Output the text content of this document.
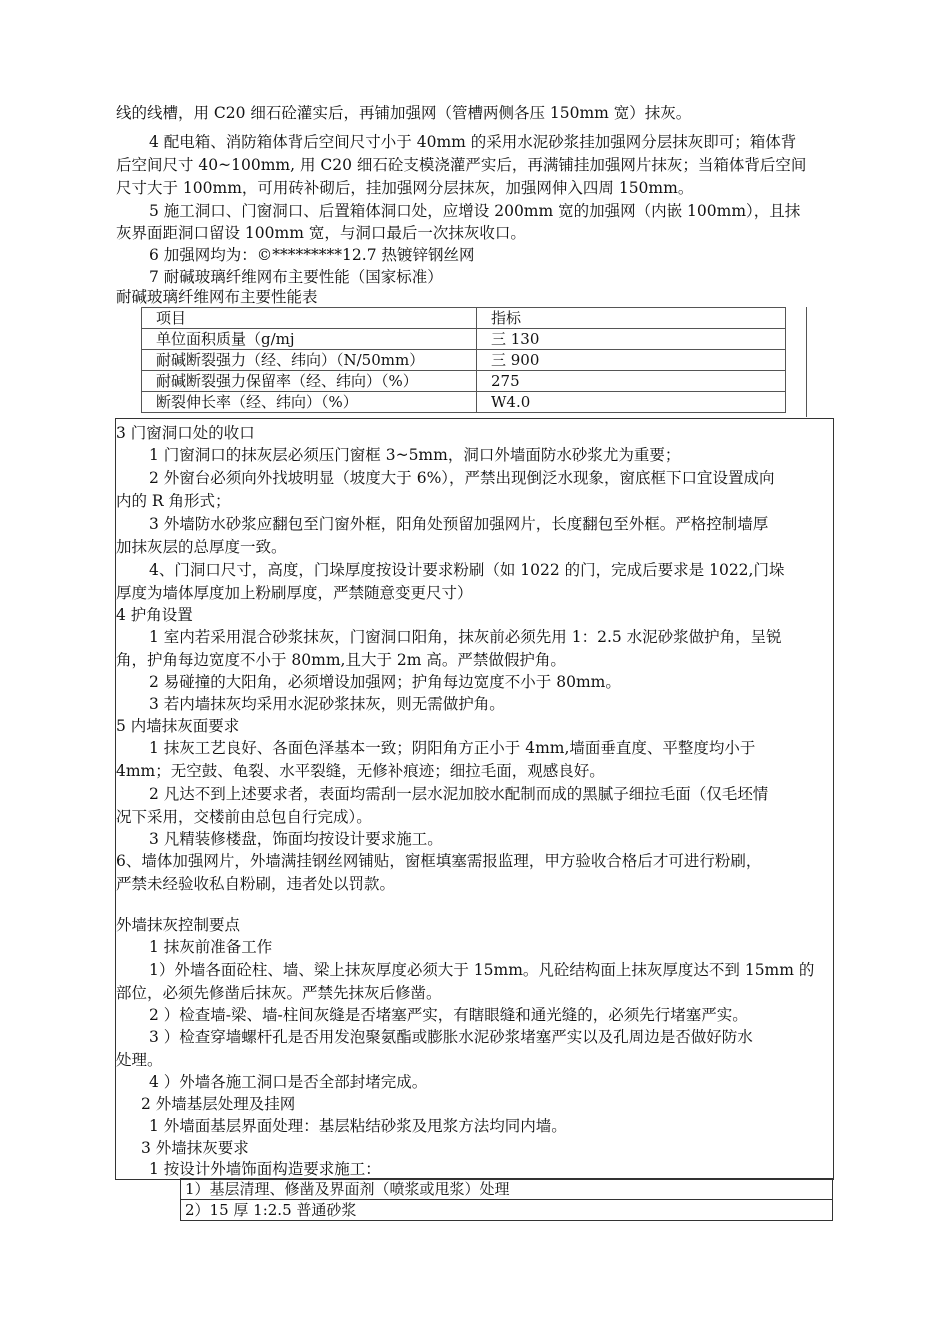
线的线槽，用 C20 细石砼灌实后，再铺加强网（管槽两侧各压 150mm 宽）抹灰。
4 配电箱、消防箱体背后空间尺寸小于 40mm 的采用水泥砂浆挂加强网分层抹灰即可；箱体背
后空间尺寸 40~100mm, 用 C20 细石砼支模浇灌严实后，再满铺挂加强网片抹灰；当箱体背后空间
尺寸大于 100mm，可用砖补砌后，挂加强网分层抹灰，加强网伸入四周 150mm。
5 施工洞口、门窗洞口、后置箱体洞口处，应增设 200mm 宽的加强网（内嵌 100mm），且抹
灰界面距洞口留设 100mm 宽，与洞口最后一次抹灰收口。
6 加强网均为：©*********12.7 热镀锌钢丝网
7 耐碱玻璃纤维网布主要性能（国家标准）
耐碱玻璃纤维网布主要性能表
项目	指标
单位面积质量（g/mj	三 130
耐碱断裂强力（经、纬向）（N/50mm）	三 900
耐碱断裂强力保留率（经、纬向）（%）	275
断裂伸长率（经、纬向）（%）	W4.0
3 门窗洞口处的收口
1 门窗洞口的抹灰层必须压门窗框 3~5mm，洞口外墙面防水砂浆尤为重要；
2 外窗台必须向外找坡明显（坡度大于 6%），严禁出现倒泛水现象，窗底框下口宜设置成向
内的 R 角形式；
3 外墙防水砂浆应翻包至门窗外框，阳角处预留加强网片，长度翻包至外框。严格控制墙厚
加抹灰层的总厚度一致。
4、门洞口尺寸，高度，门垛厚度按设计要求粉刷（如 1022 的门，完成后要求是 1022,门垛
厚度为墙体厚度加上粉刷厚度，严禁随意变更尺寸）
4 护角设置
1 室内若采用混合砂浆抹灰，门窗洞口阳角，抹灰前必须先用 1：2.5 水泥砂浆做护角，呈锐
角，护角每边宽度不小于 80mm,且大于 2m 高。严禁做假护角。
2 易碰撞的大阳角，必须增设加强网；护角每边宽度不小于 80mm。
3 若内墙抹灰均采用水泥砂浆抹灰，则无需做护角。
5 内墙抹灰面要求
1 抹灰工艺良好、各面色泽基本一致；阴阳角方正小于 4mm,墙面垂直度、平整度均小于
4mm；无空鼓、龟裂、水平裂缝，无修补痕迹；细拉毛面，观感良好。
2 凡达不到上述要求者，表面均需刮一层水泥加胶水配制而成的黑腻子细拉毛面（仅毛坯情
况下采用，交楼前由总包自行完成）。
3 凡精装修楼盘，饰面均按设计要求施工。
6、墙体加强网片，外墙满挂钢丝网铺贴，窗框填塞需报监理，甲方验收合格后才可进行粉刷，
严禁未经验收私自粉刷，违者处以罚款。
外墙抹灰控制要点
1 抹灰前准备工作
1）外墙各面砼柱、墙、梁上抹灰厚度必须大于 15mm。凡砼结构面上抹灰厚度达不到 15mm 的
部位，必须先修凿后抹灰。严禁先抹灰后修凿。
2 ）检查墙-梁、墙-柱间灰缝是否堵塞严实，有瞎眼缝和通光缝的，必须先行堵塞严实。
3 ）检查穿墙螺杆孔是否用发泡聚氨酯或膨胀水泥砂浆堵塞严实以及孔周边是否做好防水
处理。
4 ）外墙各施工洞口是否全部封堵完成。
2 外墙基层处理及挂网
1 外墙面基层界面处理：基层粘结砂浆及甩浆方法均同内墙。
3 外墙抹灰要求
1 按设计外墙饰面构造要求施工：
1）基层清理、修凿及界面剂（喷浆或甩浆）处理
2）15 厚 1:2.5 普通砂浆
